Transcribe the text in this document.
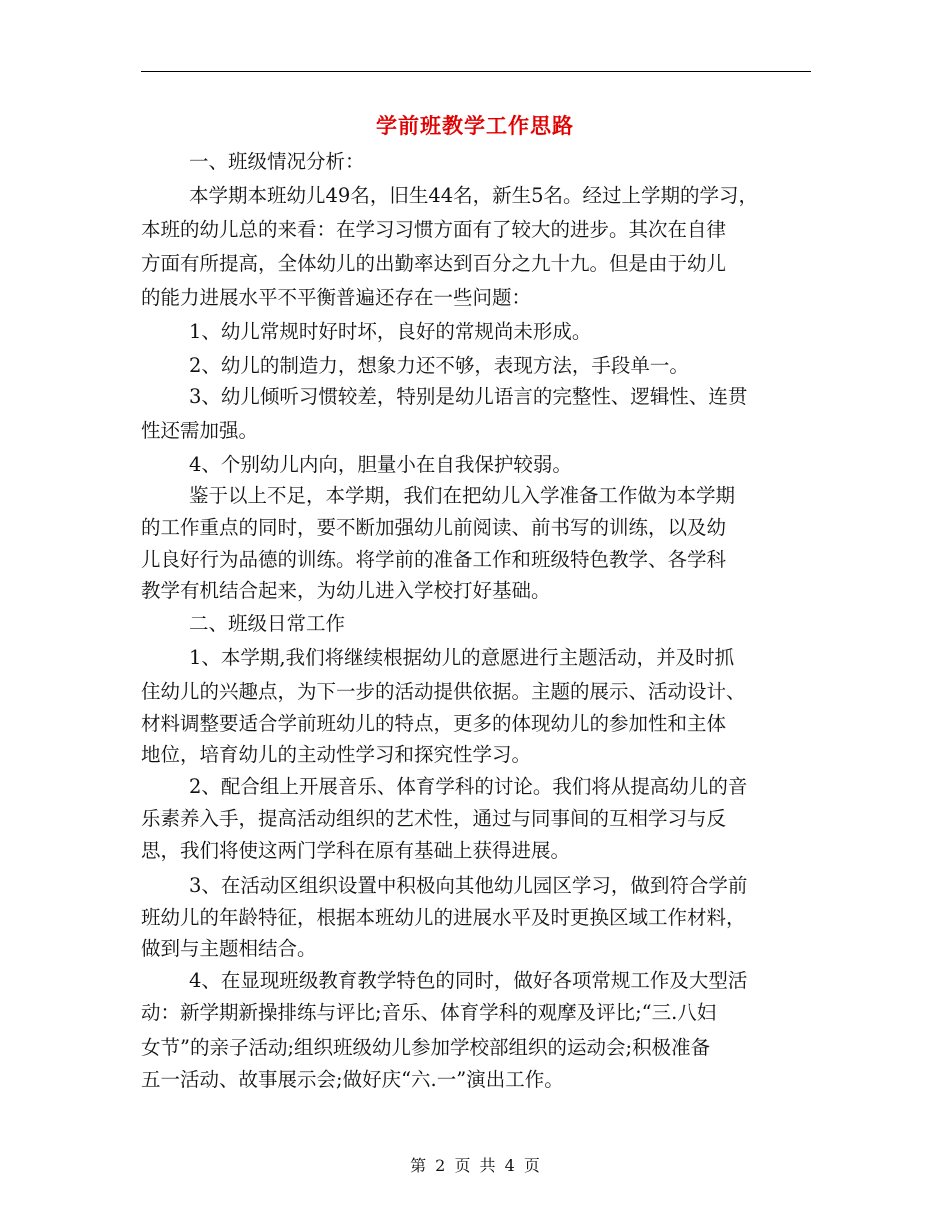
学前班教学工作思路
一、班级情况分析：
本学期本班幼儿49名，旧生44名，新生5名。经过上学期的学习，
本班的幼儿总的来看：在学习习惯方面有了较大的进步。其次在自律
方面有所提高，全体幼儿的出勤率达到百分之九十九。但是由于幼儿
的能力进展水平不平衡普遍还存在一些问题：
1、幼儿常规时好时坏，良好的常规尚未形成。
2、幼儿的制造力，想象力还不够，表现方法，手段单一。
3、幼儿倾听习惯较差，特别是幼儿语言的完整性、逻辑性、连贯
性还需加强。
4、个别幼儿内向，胆量小在自我保护较弱。
鉴于以上不足，本学期，我们在把幼儿入学准备工作做为本学期
的工作重点的同时，要不断加强幼儿前阅读、前书写的训练，以及幼
儿良好行为品德的训练。将学前的准备工作和班级特色教学、各学科
教学有机结合起来，为幼儿进入学校打好基础。
二、班级日常工作
1、本学期,我们将继续根据幼儿的意愿进行主题活动，并及时抓
住幼儿的兴趣点，为下一步的活动提供依据。主题的展示、活动设计、
材料调整要适合学前班幼儿的特点，更多的体现幼儿的参加性和主体
地位，培育幼儿的主动性学习和探究性学习。
2、配合组上开展音乐、体育学科的讨论。我们将从提高幼儿的音
乐素养入手，提高活动组织的艺术性，通过与同事间的互相学习与反
思，我们将使这两门学科在原有基础上获得进展。
3、在活动区组织设置中积极向其他幼儿园区学习，做到符合学前
班幼儿的年龄特征，根据本班幼儿的进展水平及时更换区域工作材料，
做到与主题相结合。
4、在显现班级教育教学特色的同时，做好各项常规工作及大型活
动：新学期新操排练与评比;音乐、体育学科的观摩及评比;“三.八妇
女节”的亲子活动;组织班级幼儿参加学校部组织的运动会;积极准备
五一活动、故事展示会;做好庆“六.一”演出工作。
第 2 页 共 4 页
